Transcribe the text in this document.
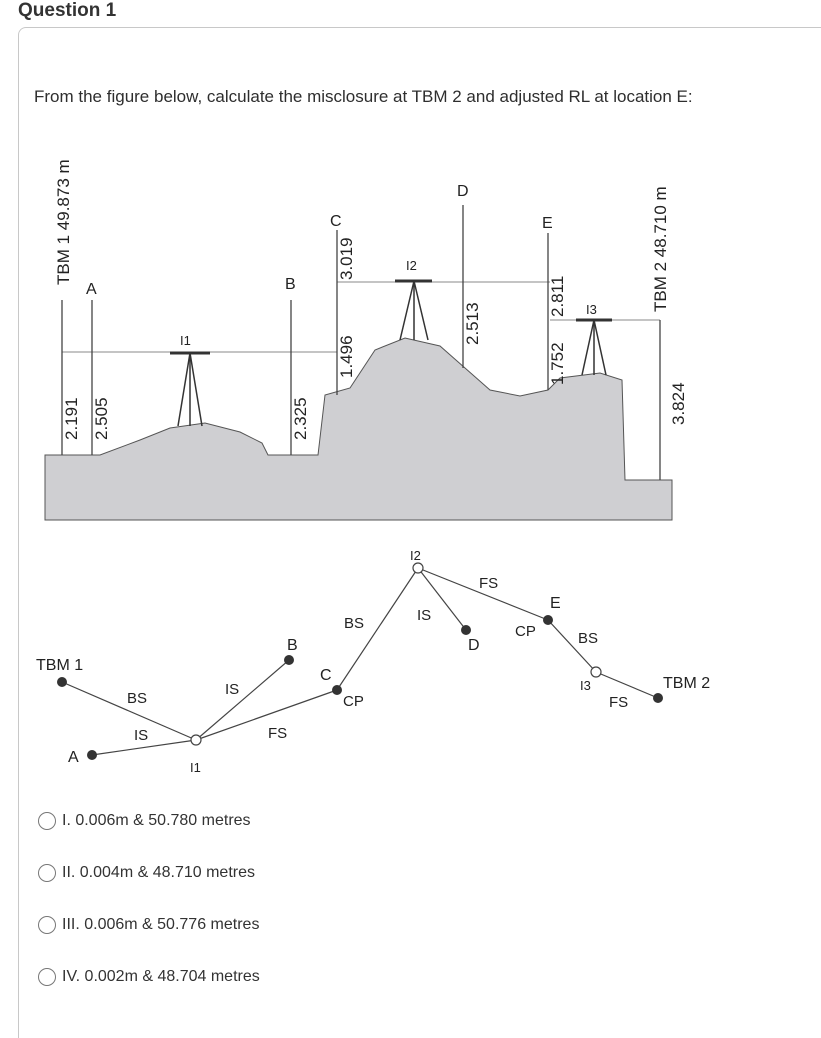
Question 1
From the figure below, calculate the misclosure at TBM 2 and adjusted RL at location E:
A	B
C
D
E
I1
I2
I3
TBM 1 49.873 m	TBM 2 48.710 m
2.191 2.505	2.325
1.496
3.019
2.513
1.752
2.811
3.824
TBM 1
A
B
C
D
E
TBM 2
I1
I2
I3
BS
IS
IS
FS
BS
CP
IS
FS
CP	BS
FS
I. 0.006m & 50.780 metres
II. 0.004m & 48.710 metres
III. 0.006m & 50.776 metres
IV. 0.002m & 48.704 metres
